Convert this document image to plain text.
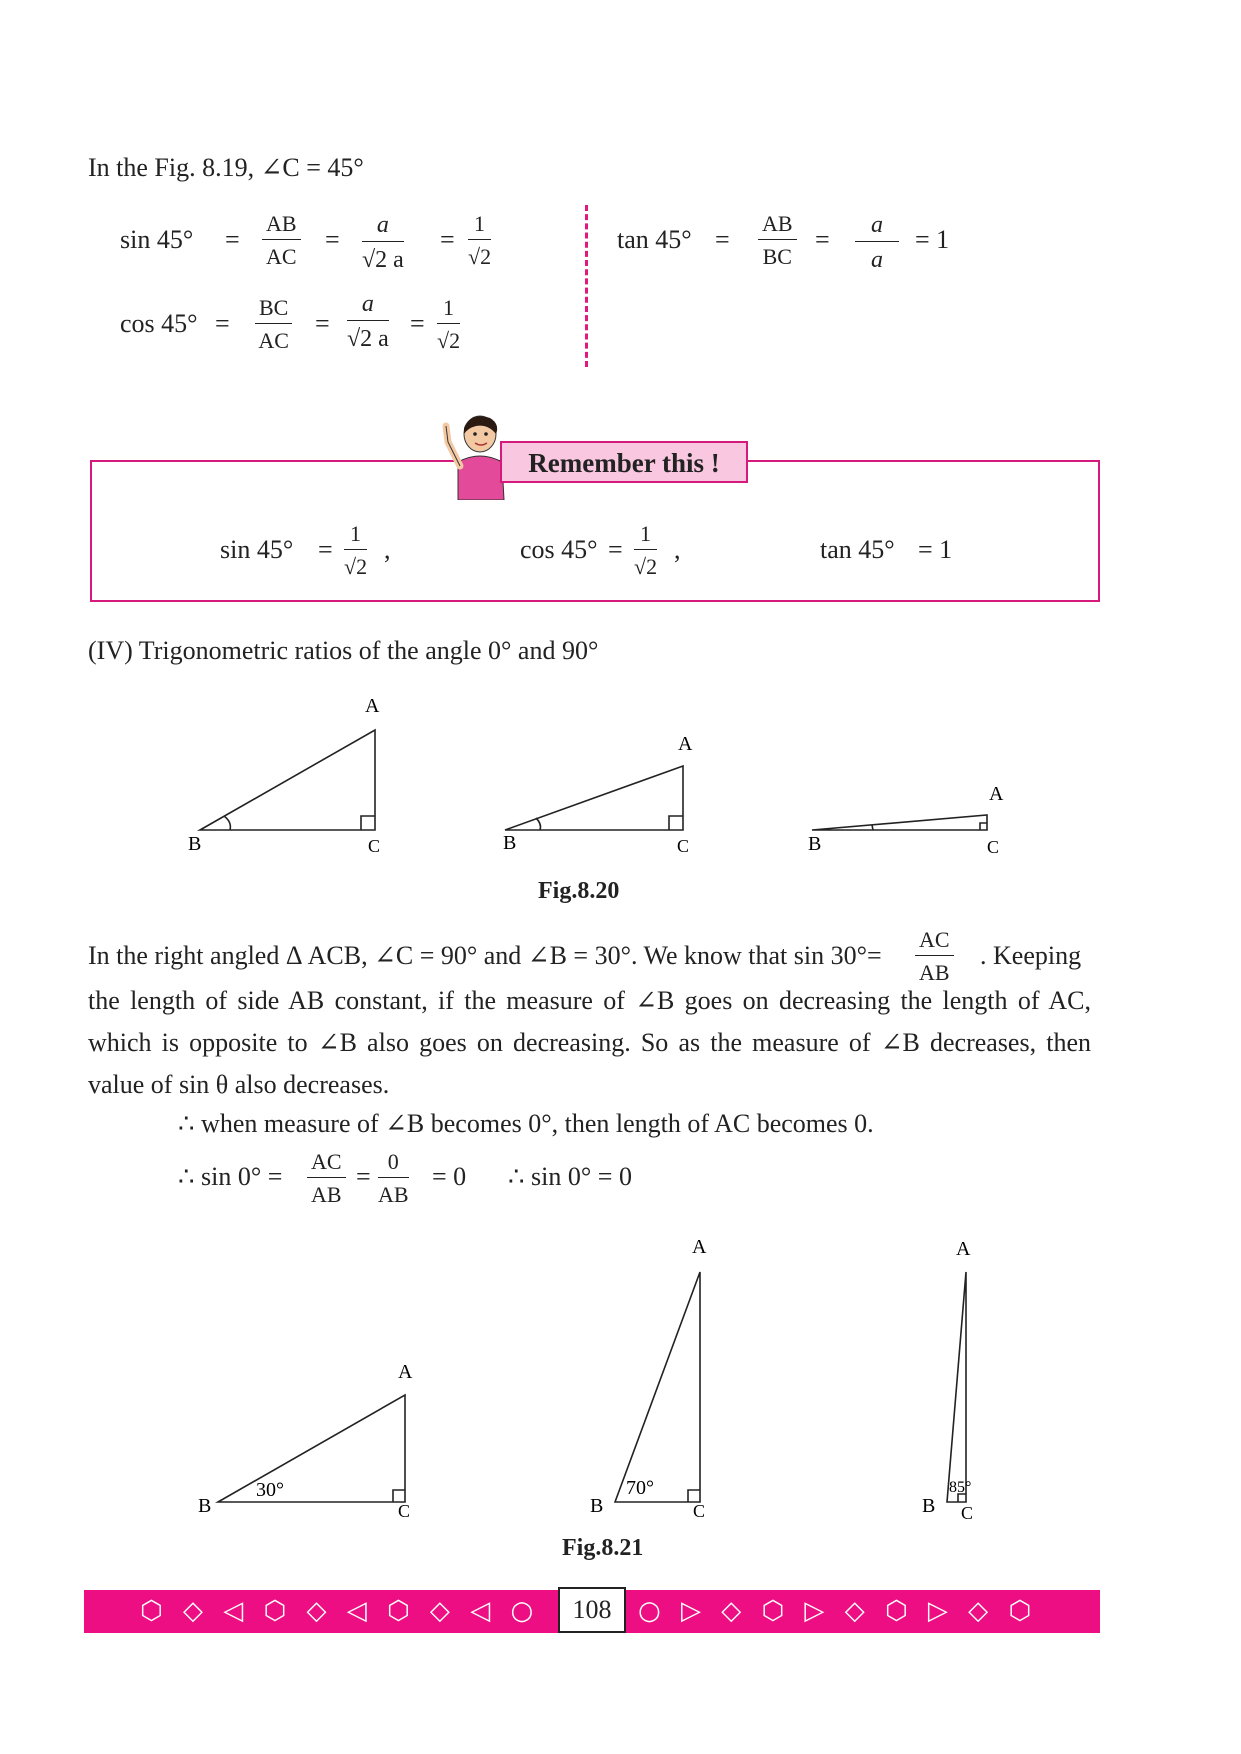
In the Fig. 8.19, ∠C = 45°
$\sin 45^\circ = \frac{AB}{AC} = \frac{a}{√2 a} = \frac{1}{√2}$
$\cos 45^\circ = \frac{BC}{AC} = \frac{a}{√2 a} = \frac{1}{√2}$
$\tan 45^\circ = \frac{AB}{BC} = \frac{a}{a} = 1$
Remember this !
$\sin 45^\circ = \frac{1}{√2}$ ,	$\cos 45^\circ = \frac{1}{√2}$ ,	tan 45° = 1
(IV) Trigonometric ratios of the angle 0° and 90°
A
B	C
A
B	C
A
B	C
Fig.8.20
In the right angled Δ ACB, ∠C = 90° and ∠B = 30°. We know that $\sin 30^\circ= \frac{AC}{AB}$ . Keeping
the length of side AB constant, if the measure of ∠B goes on decreasing the length of AC, which is opposite to ∠B also goes on decreasing. So as the measure of ∠B decreases, then value of sin θ also decreases.
∴ when measure of ∠B becomes 0°, then length of AC becomes 0.
∴ $\sin 0^\circ = \frac{AC}{AB} = \frac{0}{AB} = 0$ ∴ sin 0° = 0
A
B	C
30°
A
B	C
70°
A
B C
85°
Fig.8.21
⬡ ◇ ◁ ⬡ ◇ ◁ ⬡ ◇ ◁ ○	108	○ ▷ ◇ ⬡ ▷ ◇ ⬡ ▷ ◇ ⬡
